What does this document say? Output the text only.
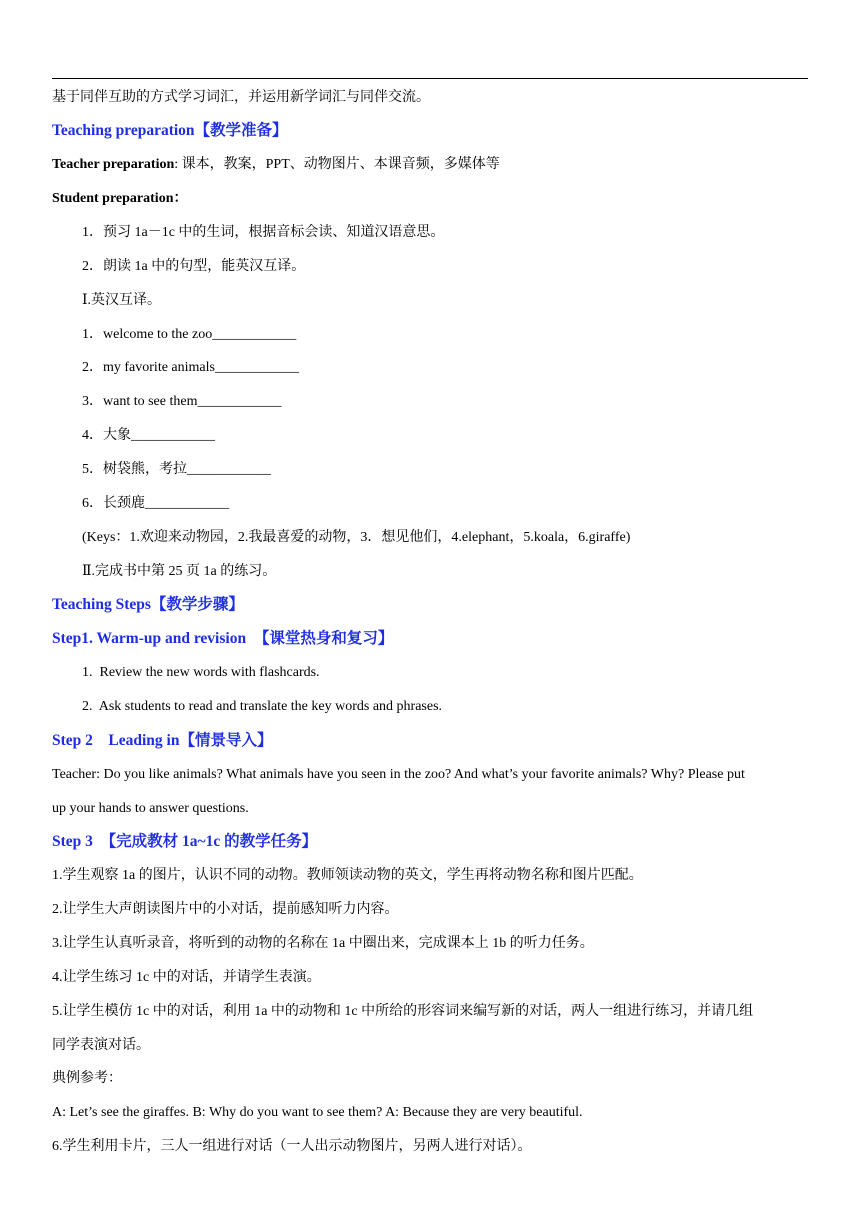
基于同伴互助的方式学习词汇，并运用新学词汇与同伴交流。
Teaching preparation【教学准备】
Teacher preparation: 课本，教案，PPT、动物图片、本课音频，多媒体等
Student preparation：
1．预习 1a－1c 中的生词，根据音标会读、知道汉语意思。
2．朗读 1a 中的句型，能英汉互译。
Ⅰ.英汉互译。
1．welcome to the zoo____________
2．my favorite animals____________
3．want to see them____________
4．大象____________
5．树袋熊，考拉____________
6．长颈鹿____________
(Keys：1.欢迎来动物园，2.我最喜爱的动物，3．想见他们，4.elephant，5.koala，6.giraffe)
Ⅱ.完成书中第 25 页 1a 的练习。
Teaching Steps【教学步骤】
Step1. Warm-up and revision  【课堂热身和复习】
1.  Review the new words with flashcards.
2.  Ask students to read and translate the key words and phrases.
Step 2    Leading in【情景导入】
Teacher: Do you like animals? What animals have you seen in the zoo? And what’s your favorite animals? Why? Please put
up your hands to answer questions.
Step 3  【完成教材 1a~1c 的教学任务】
1.学生观察 1a 的图片，认识不同的动物。教师领读动物的英文，学生再将动物名称和图片匹配。
2.让学生大声朗读图片中的小对话，提前感知听力内容。
3.让学生认真听录音，将听到的动物的名称在 1a 中圈出来，完成课本上 1b 的听力任务。
4.让学生练习 1c 中的对话，并请学生表演。
5.让学生模仿 1c 中的对话，利用 1a 中的动物和 1c 中所给的形容词来编写新的对话，两人一组进行练习，并请几组
同学表演对话。
典例参考：
A: Let’s see the giraffes. B: Why do you want to see them? A: Because they are very beautiful.
6.学生利用卡片，三人一组进行对话（一人出示动物图片，另两人进行对话）。
